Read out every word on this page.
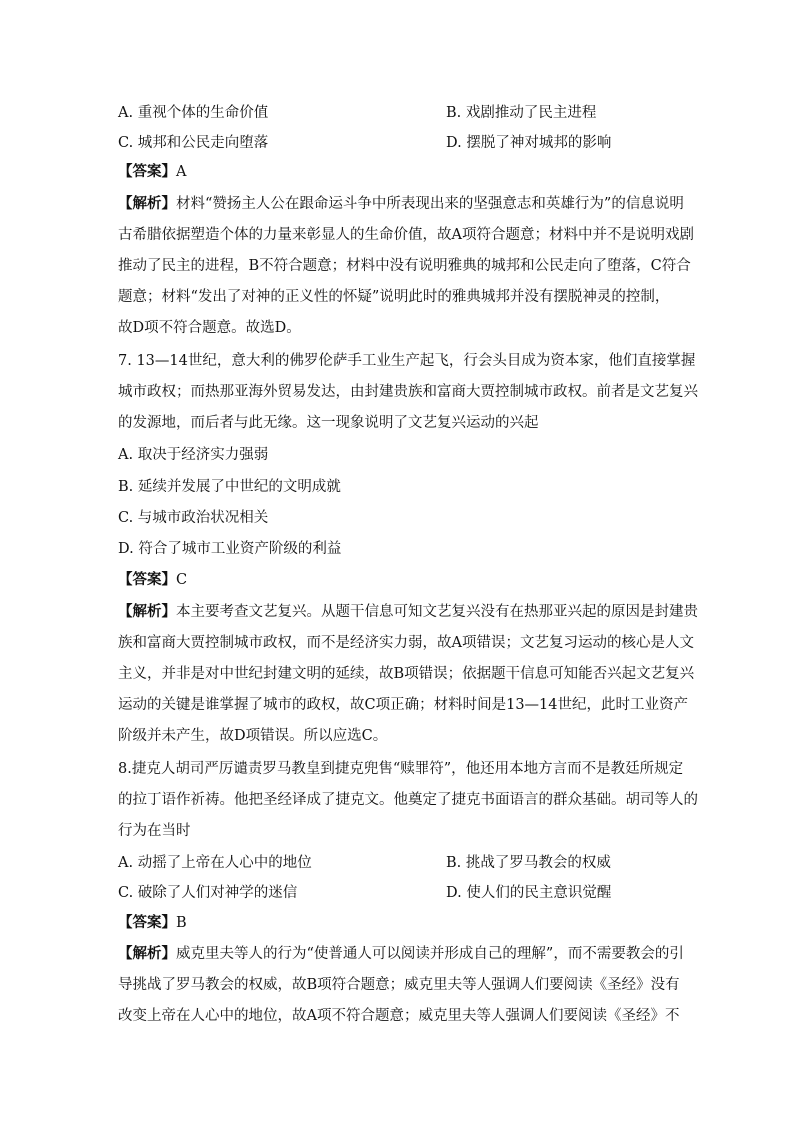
A. 重视个体的生命价值	B. 戏剧推动了民主进程
C. 城邦和公民走向堕落	D. 摆脱了神对城邦的影响
【答案】A
【解析】材料“赞扬主人公在跟命运斗争中所表现出来的坚强意志和英雄行为”的信息说明
古希腊依据塑造个体的力量来彰显人的生命价值，故A项符合题意；材料中并不是说明戏剧
推动了民主的进程，B不符合题意；材料中没有说明雅典的城邦和公民走向了堕落，C符合
题意；材料“发出了对神的正义性的怀疑”说明此时的雅典城邦并没有摆脱神灵的控制，
故D项不符合题意。故选D。
7. 13—14世纪，意大利的佛罗伦萨手工业生产起飞，行会头目成为资本家，他们直接掌握
城市政权；而热那亚海外贸易发达，由封建贵族和富商大贾控制城市政权。前者是文艺复兴
的发源地，而后者与此无缘。这一现象说明了文艺复兴运动的兴起
A. 取决于经济实力强弱
B. 延续并发展了中世纪的文明成就
C. 与城市政治状况相关
D. 符合了城市工业资产阶级的利益
【答案】C
【解析】本主要考查文艺复兴。从题干信息可知文艺复兴没有在热那亚兴起的原因是封建贵
族和富商大贾控制城市政权，而不是经济实力弱，故A项错误；文艺复习运动的核心是人文
主义，并非是对中世纪封建文明的延续，故B项错误；依据题干信息可知能否兴起文艺复兴
运动的关键是谁掌握了城市的政权，故C项正确；材料时间是13—14世纪，此时工业资产
阶级并未产生，故D项错误。所以应选C。
8.捷克人胡司严厉谴责罗马教皇到捷克兜售“赎罪符”，他还用本地方言而不是教廷所规定
的拉丁语作祈祷。他把圣经译成了捷克文。他奠定了捷克书面语言的群众基础。胡司等人的
行为在当时
A. 动摇了上帝在人心中的地位	B. 挑战了罗马教会的权威
C. 破除了人们对神学的迷信	D. 使人们的民主意识觉醒
【答案】B
【解析】威克里夫等人的行为“使普通人可以阅读并形成自己的理解”，而不需要教会的引
导挑战了罗马教会的权威，故B项符合题意；威克里夫等人强调人们要阅读《圣经》没有
改变上帝在人心中的地位，故A项不符合题意；威克里夫等人强调人们要阅读《圣经》不
